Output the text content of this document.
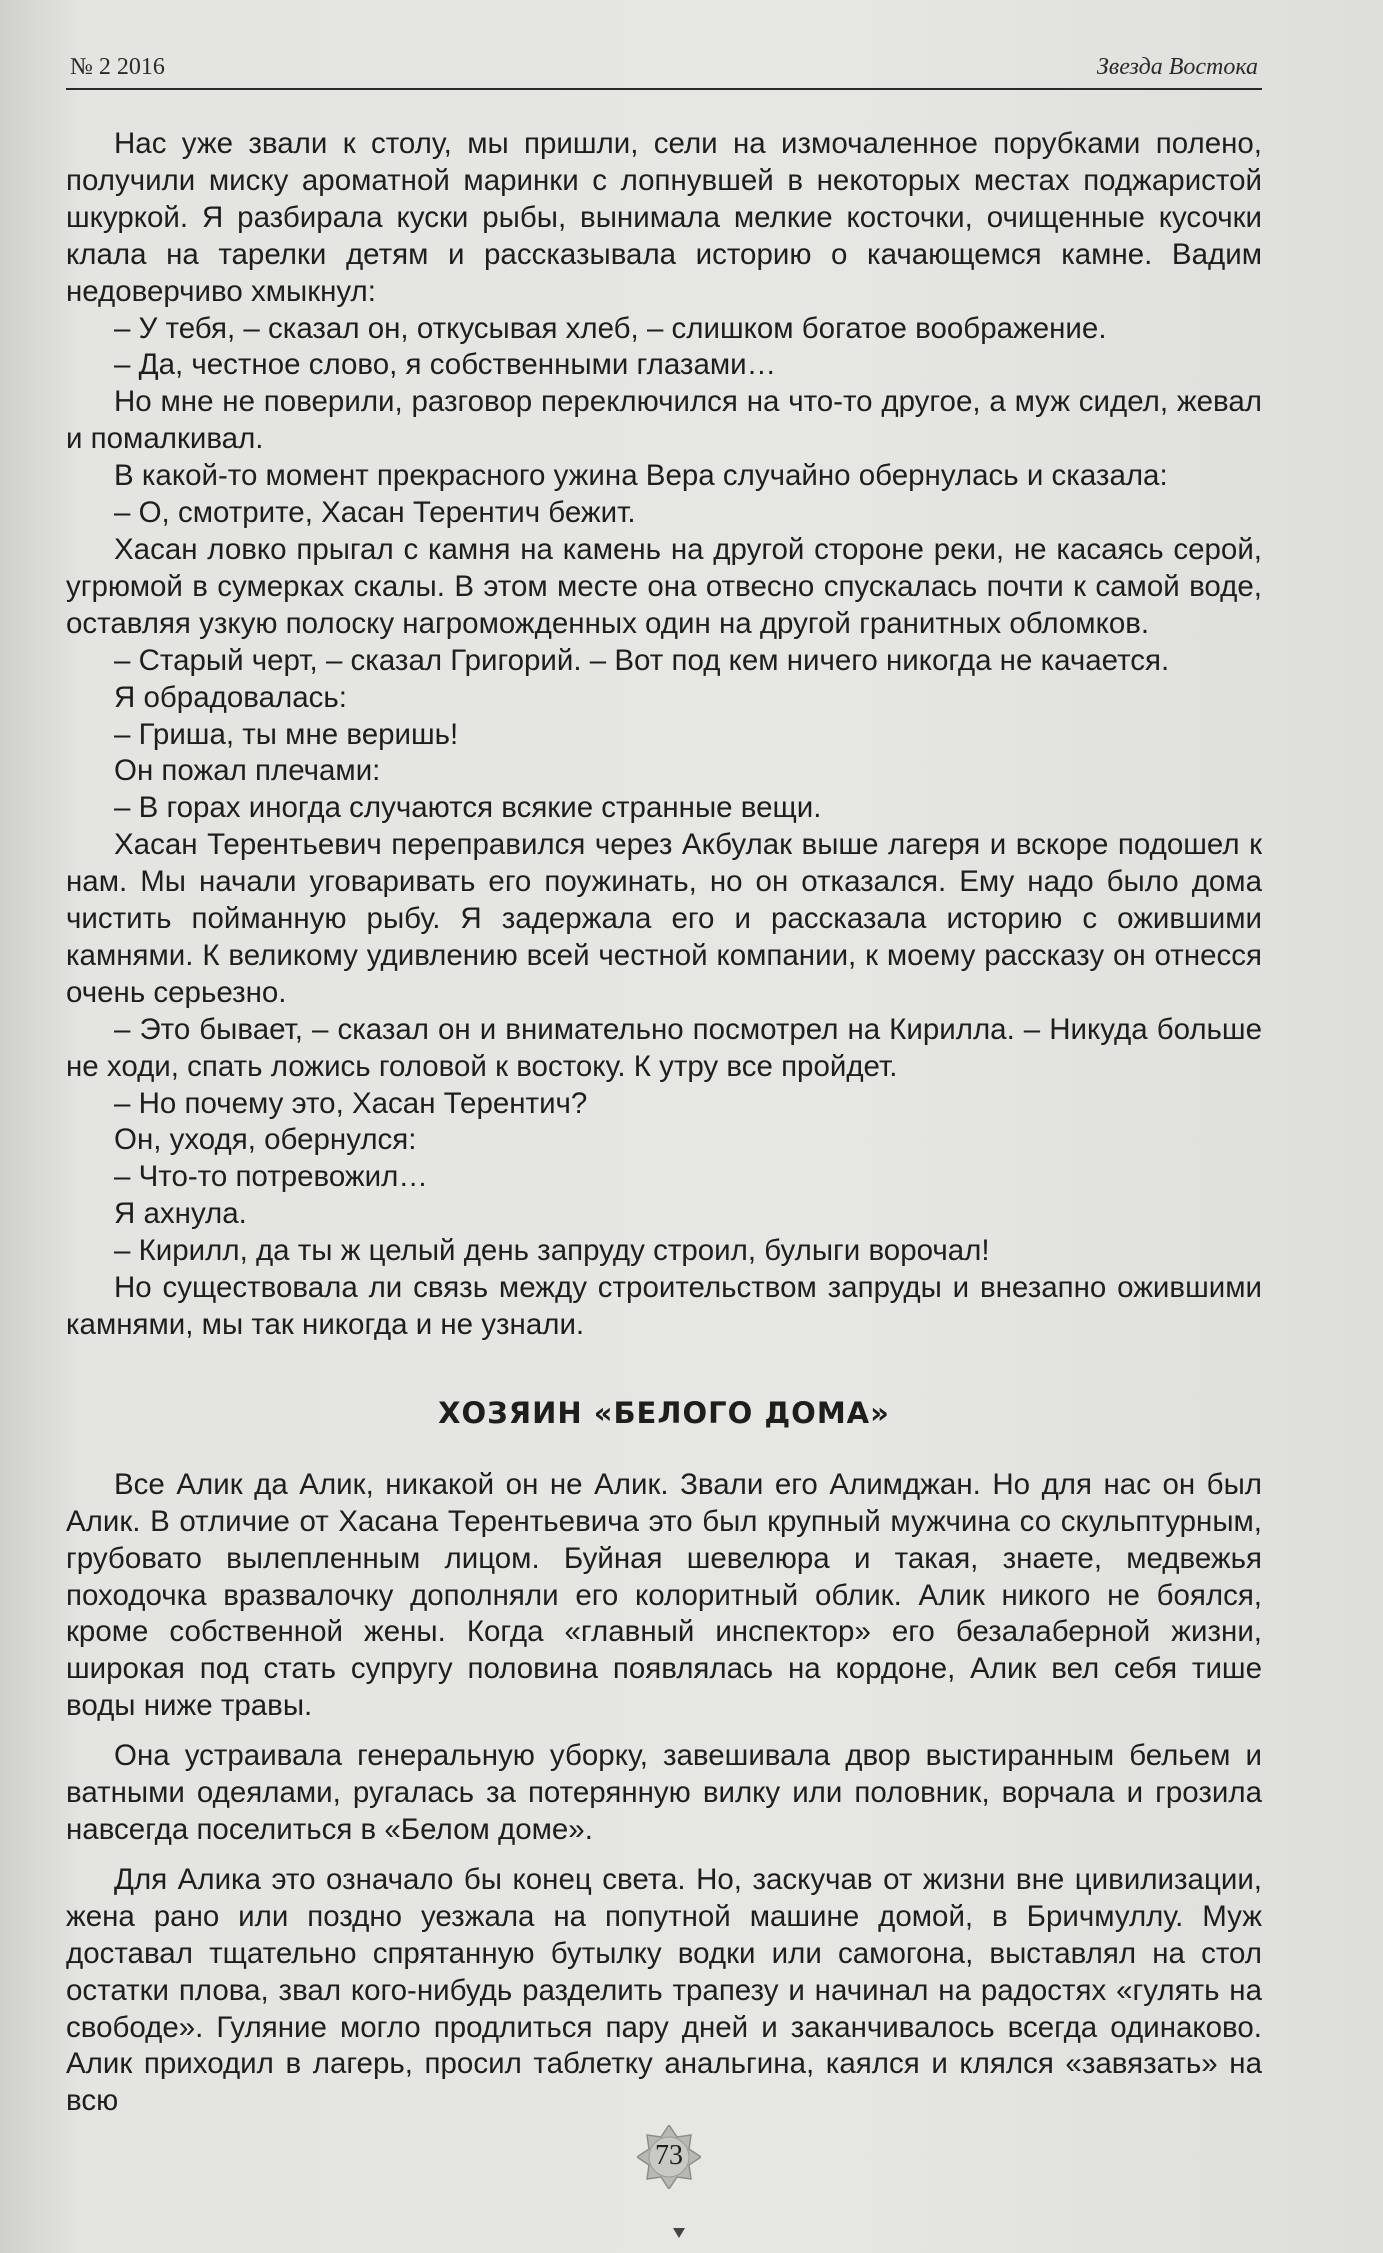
№ 2 2016	Звезда Востока

Нас уже звали к столу, мы пришли, сели на измочаленное порубками полено, получили миску ароматной маринки с лопнувшей в некоторых местах поджаристой шкуркой. Я разбирала куски рыбы, вынимала мелкие косточки, очищенные кусочки клала на тарелки детям и рассказывала историю о качающемся камне. Вадим недоверчиво хмыкнул:

– У тебя, – сказал он, откусывая хлеб, – слишком богатое воображение.

– Да, честное слово, я собственными глазами…

Но мне не поверили, разговор переключился на что-то другое, а муж сидел, жевал и помалкивал.

В какой-то момент прекрасного ужина Вера случайно обернулась и сказала:

– О, смотрите, Хасан Терентич бежит.

Хасан ловко прыгал с камня на камень на другой стороне реки, не касаясь серой, угрюмой в сумерках скалы. В этом месте она отвесно спускалась почти к самой воде, оставляя узкую полоску нагроможденных один на другой гранитных обломков.

– Старый черт, – сказал Григорий. – Вот под кем ничего никогда не качается.

Я обрадовалась:

– Гриша, ты мне веришь!

Он пожал плечами:

– В горах иногда случаются всякие странные вещи.

Хасан Терентьевич переправился через Акбулак выше лагеря и вскоре подошел к нам. Мы начали уговаривать его поужинать, но он отказался. Ему надо было дома чистить пойманную рыбу. Я задержала его и рассказала историю с ожившими камнями. К великому удивлению всей честной компании, к моему рассказу он отнесся очень серьезно.

– Это бывает, – сказал он и внимательно посмотрел на Кирилла. – Никуда больше не ходи, спать ложись головой к востоку. К утру все пройдет.

– Но почему это, Хасан Терентич?

Он, уходя, обернулся:

– Что-то потревожил…

Я ахнула.

– Кирилл, да ты ж целый день запруду строил, булыги ворочал!

Но существовала ли связь между строительством запруды и внезапно ожившими камнями, мы так никогда и не узнали.

ХОЗЯИН «БЕЛОГО ДОМА»

Все Алик да Алик, никакой он не Алик. Звали его Алимджан. Но для нас он был Алик. В отличие от Хасана Терентьевича это был крупный мужчина со скульптурным, грубовато вылепленным лицом. Буйная шевелюра и такая, знаете, медвежья походочка вразвалочку дополняли его колоритный облик. Алик никого не боялся, кроме собственной жены. Когда «главный инспектор» его безалаберной жизни, широкая под стать супругу половина появлялась на кордоне, Алик вел себя тише воды ниже травы.

Она устраивала генеральную уборку, завешивала двор выстиранным бельем и ватными одеялами, ругалась за потерянную вилку или половник, ворчала и грозила навсегда поселиться в «Белом доме».

Для Алика это означало бы конец света. Но, заскучав от жизни вне цивилизации, жена рано или поздно уезжала на попутной машине домой, в Бричмуллу. Муж доставал тщательно спрятанную бутылку водки или самогона, выставлял на стол остатки плова, звал кого-нибудь разделить трапезу и начинал на радостях «гулять на свободе». Гуляние могло продлиться пару дней и заканчивалось всегда одинаково. Алик приходил в лагерь, просил таблетку анальгина, каялся и клялся «завязать» на всю

73
